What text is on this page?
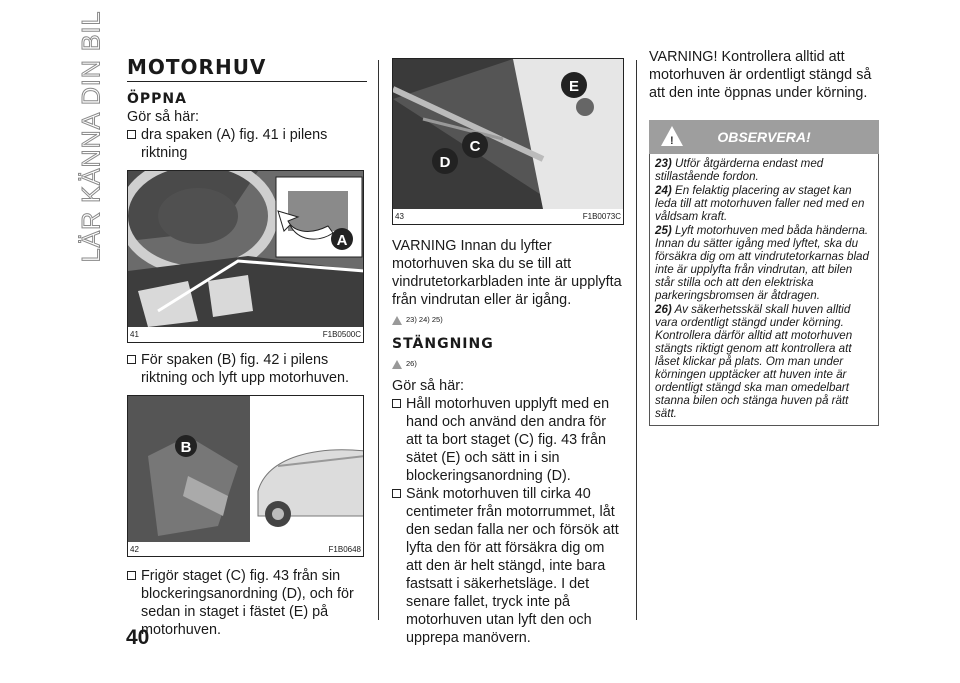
LÄR KÄNNA DIN BIL
40
MOTORHUV
ÖPPNA

Gör så här:

dra spaken (A) fig. 41 i pilens riktning
A
41	F1B0500C
För spaken (B) fig. 42 i pilens riktning och lyft upp motorhuven.
B
42	F1B0648
Frigör staget (C) fig. 43 från sin blockeringsanordning (D), och för sedan in staget i fästet (E) på motorhuven.
E
C
D
43	F1B0073C

VARNING Innan du lyfter motorhuven ska du se till att vindrutetorkarbladen inte är upplyfta från vindrutan eller är igång.

23) 24) 25)
STÄNGNING
26)

Gör så här:

Håll motorhuven upplyft med en hand och använd den andra för att ta bort staget (C) fig. 43 från sätet (E) och sätt in i sin blockeringsanordning (D).
Sänk motorhuven till cirka 40 centimeter från motorrummet, låt den sedan falla ner och försök att lyfta den för att försäkra dig om att den är helt stängd, inte bara fastsatt i säkerhetsläge. I det senare fallet, tryck inte på motorhuven utan lyft den och upprepa manövern.

VARNING! Kontrollera alltid att motorhuven är ordentligt stängd så att den inte öppnas under körning.

!
OBSERVERA!

23) Utför åtgärderna endast med stillastående fordon.

24) En felaktig placering av staget kan leda till att motorhuven faller ned med en våldsam kraft.

25) Lyft motorhuven med båda händerna. Innan du sätter igång med lyftet, ska du försäkra dig om att vindrutetorkarnas blad inte är upplyfta från vindrutan, att bilen står stilla och att den elektriska parkeringsbromsen är åtdragen.

26) Av säkerhetsskäl skall huven alltid vara ordentligt stängd under körning. Kontrollera därför alltid att motorhuven stängts riktigt genom att kontrollera att låset klickar på plats. Om man under körningen upptäcker att huven inte är ordentligt stängd ska man omedelbart stanna bilen och stänga huven på rätt sätt.
